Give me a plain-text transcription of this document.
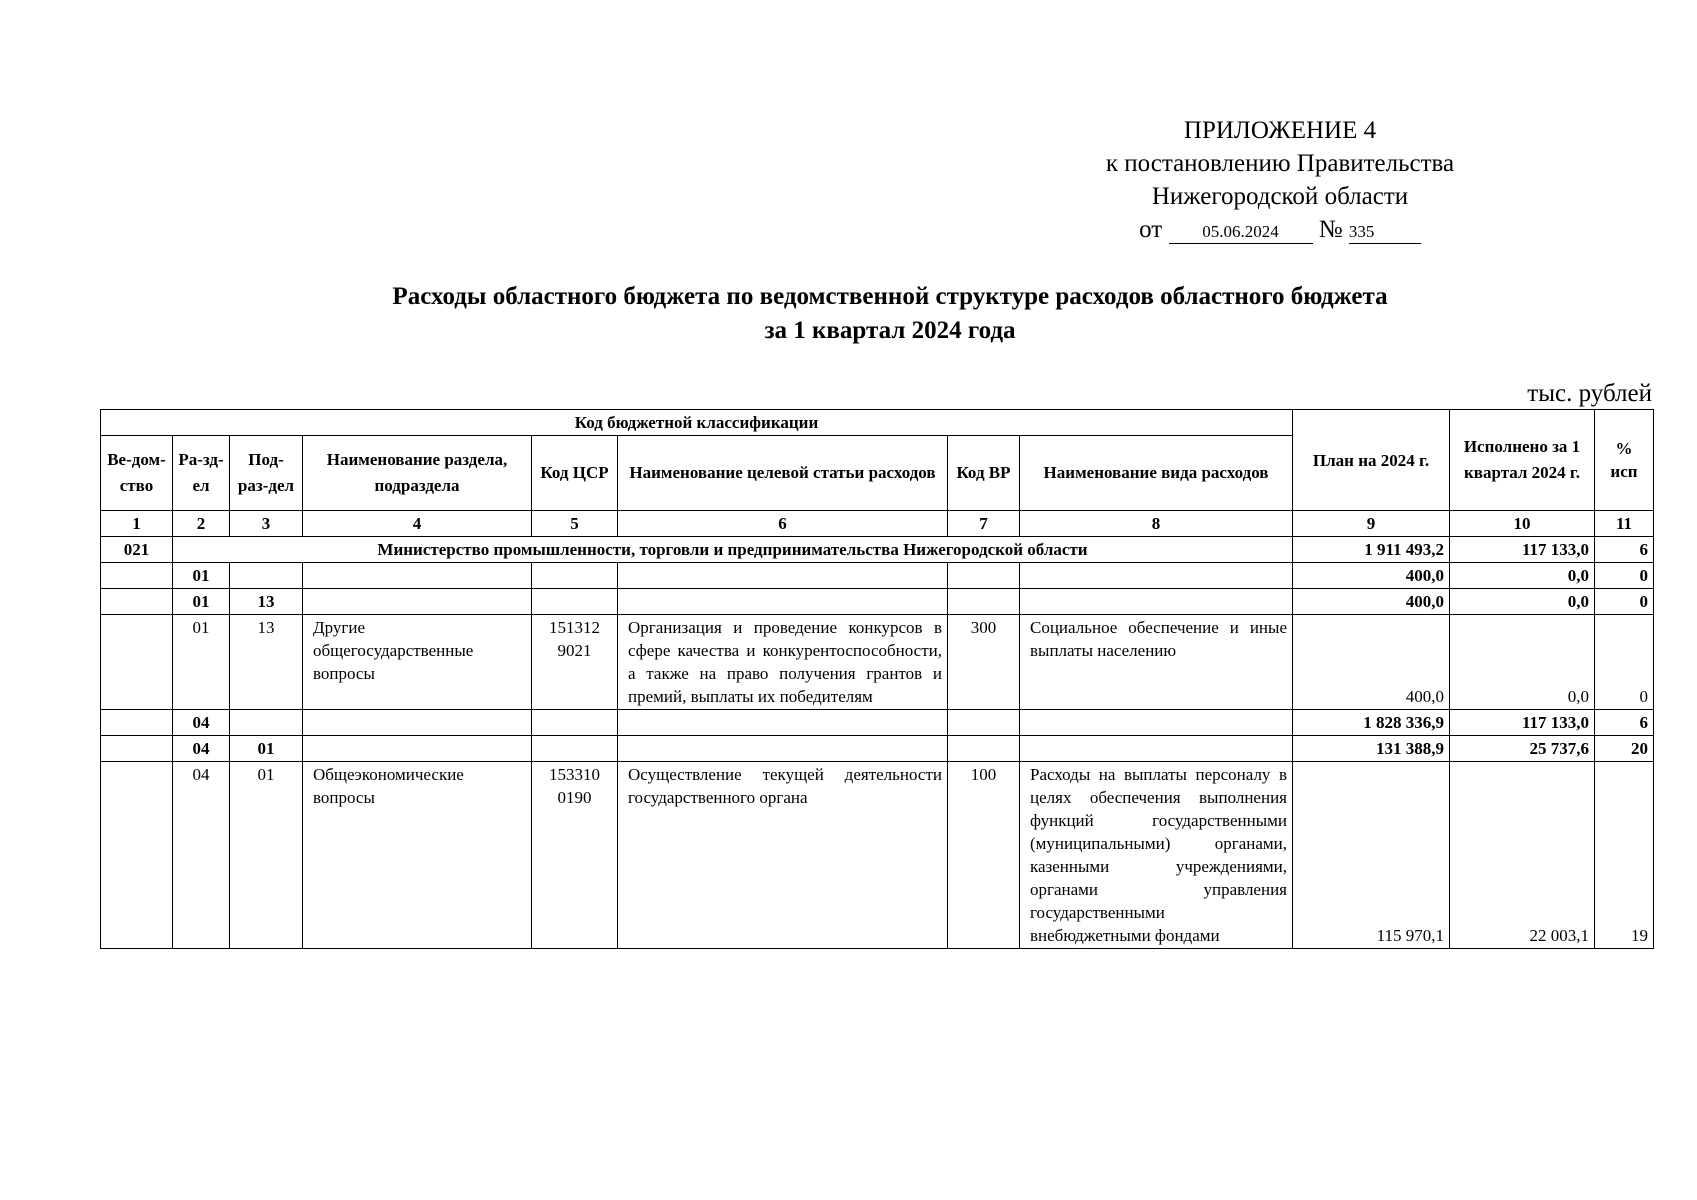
ПРИЛОЖЕНИЕ 4
к постановлению Правительства
Нижегородской области
от 05.06.2024 № 335
Расходы областного бюджета по ведомственной структуре расходов областного бюджета
за 1 квартал 2024 года
тыс. рублей
Код бюджетной классификации								План на 2024 г.	Исполнено за 1 квартал 2024 г.	% исп
Ве-дом-ство	Ра-зд-ел	Под-раз-дел	Наименование раздела, подраздела	Код ЦСР	Наименование целевой статьи расходов	Код ВР	Наименование вида расходов			
1	2	3	4	5	6	7	8	9	10	11
021	Министерство промышленности, торговли и предпринимательства Нижегородской области							1 911 493,2	117 133,0	6
	01							400,0	0,0	0
	01	13						400,0	0,0	0
	01	13	Другие общегосударственные вопросы	151312 9021	Организация и проведение конкурсов в сфере качества и конкурентоспособности, а также на право получения грантов и премий, выплаты их победителям	300	Социальное обеспечение и иные выплаты населению	400,0	0,0	0
	04							1 828 336,9	117 133,0	6
	04	01						131 388,9	25 737,6	20
	04	01	Общеэкономические вопросы	153310 0190	Осуществление текущей деятельности государственного органа	100	Расходы на выплаты персоналу в целях обеспечения выполнения функций государственными (муниципальными) органами, казенными учреждениями, органами управления государственными внебюджетными фондами	115 970,1	22 003,1	19
